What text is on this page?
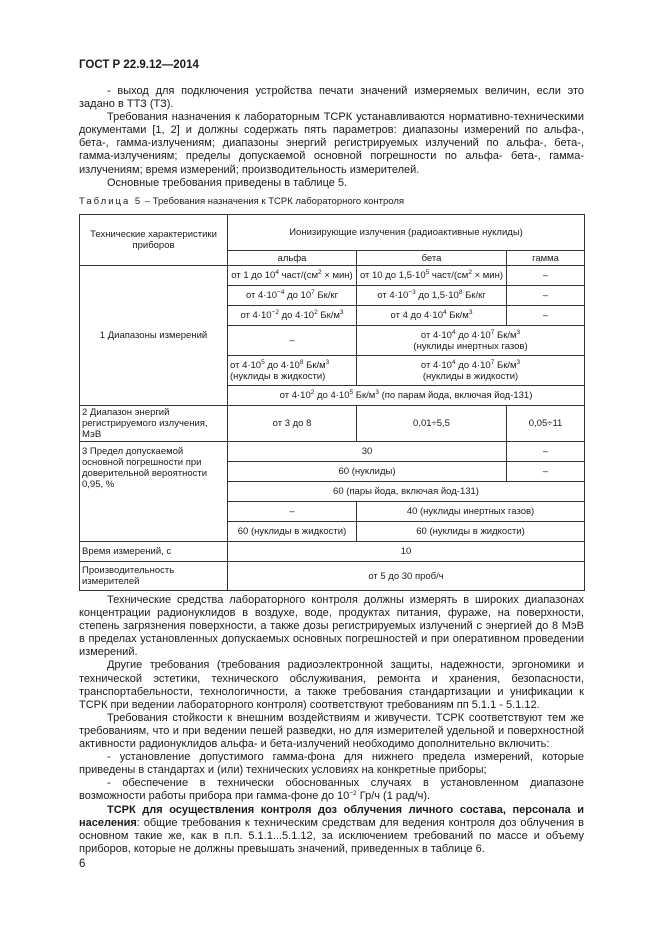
ГОСТ Р 22.9.12—2014

- выход для подключения устройства печати значений измеряемых величин, если это задано в ТТЗ (ТЗ).

Требования назначения к лабораторным ТСРК устанавливаются нормативно-техническими документами [1, 2] и должны содержать пять параметров: диапазоны измерений по альфа-, бета-, гамма-излучениям; диапазоны энергий регистрируемых излучений по альфа-, бета-, гамма-излучениям; пределы допускаемой основной погрешности по альфа- бета-, гамма-излучениям; время измерений; производительность измерителей.

Основные требования приведены в таблице 5.

Таблица 5 – Требования назначения к ТСРК лабораторного контроля
Технические характеристики приборов	Ионизирующие излучения (радиоактивные нуклиды)		
	альфа	бета	гамма
1 Диапазоны измерений	от 1 до $10^4$ част/$(см^2 \times мин)$	от 10 до $1,5\cdot 10^5$ част/$(см^2 \times мин)$	–
	от $4\cdot 10^{-4}$ до $10^7$ Бк/кг	от $4\cdot 10^{-3}$ до $1,5\cdot 10^8$ Бк/кг	–
	от $4\cdot 10^{-2}$ до $4\cdot 10^2$ $Бк/м^3$	от 4 до $4\cdot 10^4$ $Бк/м^3$	–
	–	от $4\cdot 10^4$ до $4\cdot 10^7$ $Бк/м^3$
(нуклиды инертных газов)	
	от $4\cdot 10^5$ до $4\cdot 10^8$ $Бк/м^3$ (нуклиды в жидкости)	от $4\cdot 10^4$ до $4\cdot 10^7$ $Бк/м^3$
(нуклиды в жидкости)	
	от $4\cdot 10^2$ до $4\cdot 10^5$ $Бк/м^3$ (по парам йода, включая йод-131)		
2 Диапазон энергий регистрируемого излучения, МэВ	от 3 до 8	0,01÷5,5	0,05÷11
3 Предел допускаемой основной погрешности при доверительной вероятности 0,95, %	30		–
	60 (нуклиды)		–
	60 (пары йода, включая йод-131)		
	–	40 (нуклиды инертных газов)	
	60 (нуклиды в жидкости)	60 (нуклиды в жидкости)	
Время измерений, с	10		
Производительность измерителей	от 5 до 30 проб/ч		

Технические средства лабораторного контроля должны измерять в широких диапазонах концентрации радионуклидов в воздухе, воде, продуктах питания, фураже, на поверхности, степень загрязнения поверхности, а также дозы регистрируемых излучений с энергией до 8 МэВ в пределах установленных допускаемых основных погрешностей и при оперативном проведении измерений.

Другие требования (требования радиоэлектронной защиты, надежности, эргономики и технической эстетики, технического обслуживания, ремонта и хранения, безопасности, транспортабельности, технологичности, а также требования стандартизации и унификации к ТСРК при ведении лабораторного контроля) соответствуют требованиям пп 5.1.1 - 5.1.12.

Требования стойкости к внешним воздействиям и живучести. ТСРК соответствуют тем же требованиям, что и при ведении пешей разведки, но для измерителей удельной и поверхностной активности радионуклидов альфа- и бета-излучений необходимо дополнительно включить:

- установление допустимого гамма-фона для нижнего предела измерений, которые приведены в стандартах и (или) технических условиях на конкретные приборы;

- обеспечение в технически обоснованных случаях в установленном диапазоне возможности работы прибора при гамма-фоне до $10^{-2}$ Гр/ч (1 рад/ч).

ТСРК для осуществления контроля доз облучения личного состава, персонала и населения: общие требования к техническим средствам для ведения контроля доз облучения в основном такие же, как в п.п. 5.1.1...5.1.12, за исключением требований по массе и объему приборов, которые не должны превышать значений, приведенных в таблице 6.

6
